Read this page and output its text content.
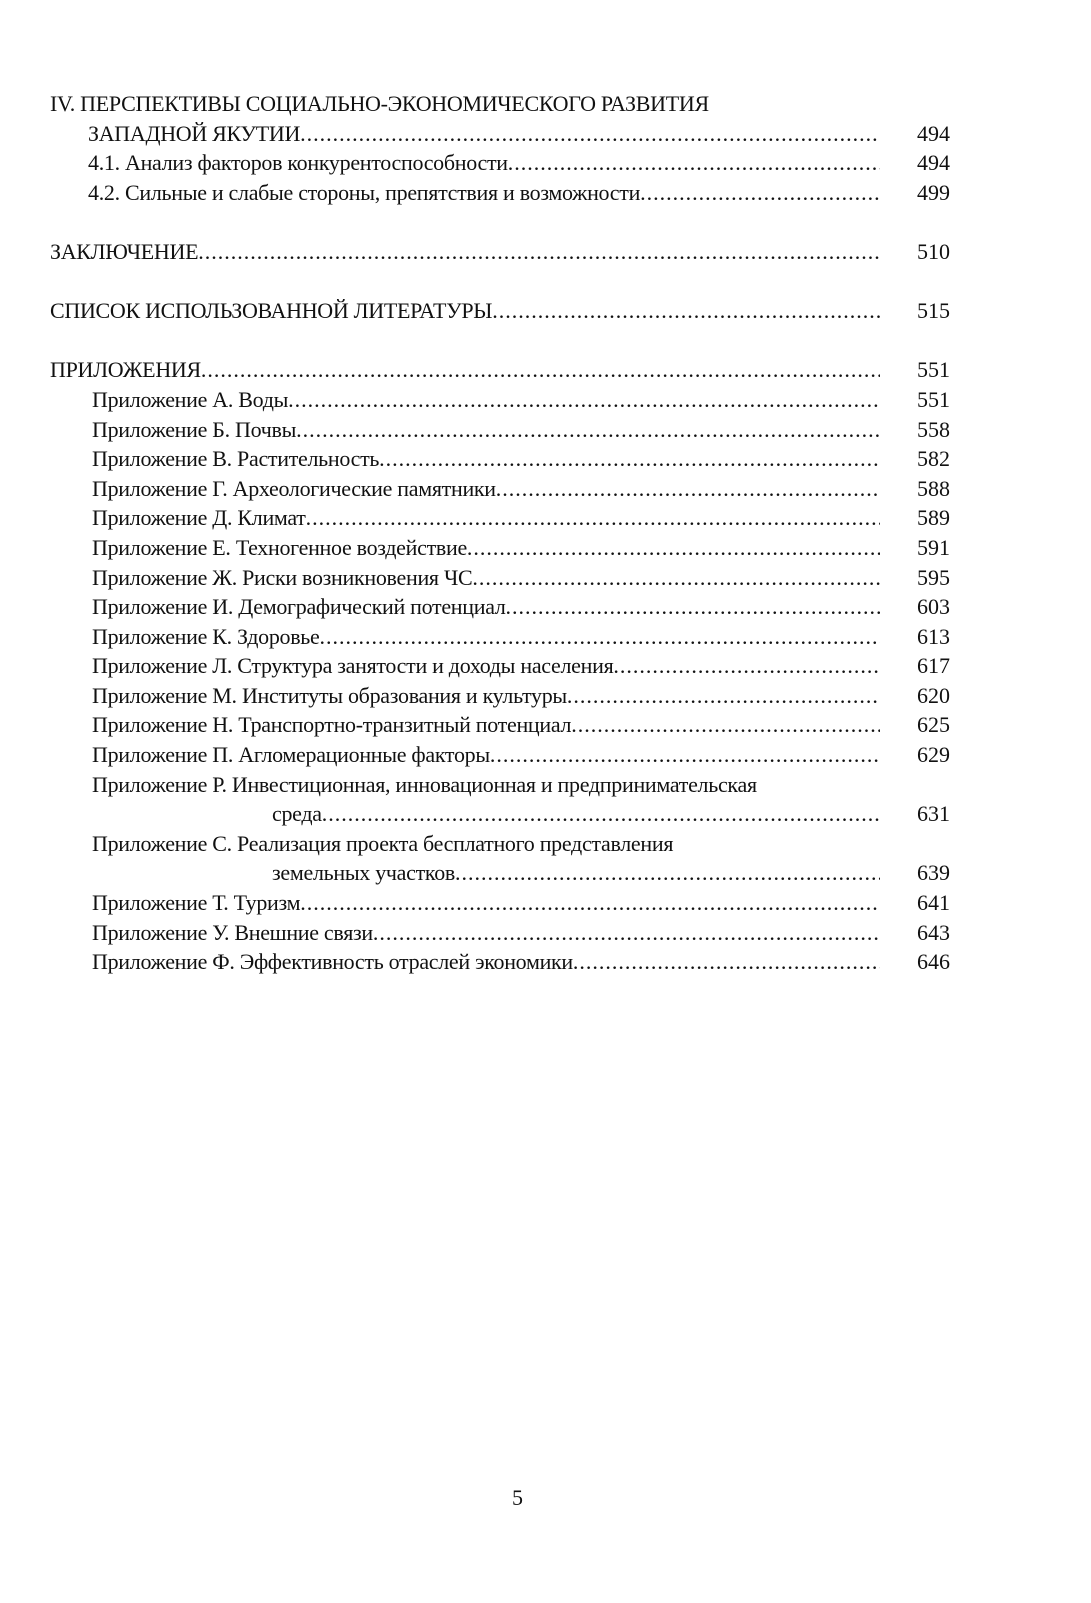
IV. ПЕРСПЕКТИВЫ СОЦИАЛЬНО-ЭКОНОМИЧЕСКОГО РАЗВИТИЯ
ЗАПАДНОЙ ЯКУТИИ .....	494
4.1. Анализ факторов конкурентоспособности .....	494
4.2. Сильные и слабые стороны, препятствия и возможности .....	499
ЗАКЛЮЧЕНИЕ .....	510
СПИСОК ИСПОЛЬЗОВАННОЙ ЛИТЕРАТУРЫ .....	515
ПРИЛОЖЕНИЯ .....	551
Приложение А. Воды .....	551
Приложение Б. Почвы .....	558
Приложение В. Растительность .....	582
Приложение Г. Археологические памятники .....	588
Приложение Д. Климат .....	589
Приложение Е. Техногенное воздействие .....	591
Приложение Ж. Риски возникновения ЧС .....	595
Приложение И. Демографический потенциал .....	603
Приложение К. Здоровье .....	613
Приложение Л. Структура занятости и доходы населения .....	617
Приложение М. Институты образования и культуры .....	620
Приложение Н. Транспортно-транзитный потенциал .....	625
Приложение П. Агломерационные факторы .....	629
Приложение Р. Инвестиционная, инновационная и предпринимательская
среда .....	631
Приложение С. Реализация проекта бесплатного представления
земельных участков .....	639
Приложение Т. Туризм .....	641
Приложение У. Внешние связи .....	643
Приложение Ф. Эффективность отраслей экономики .....	646
5
